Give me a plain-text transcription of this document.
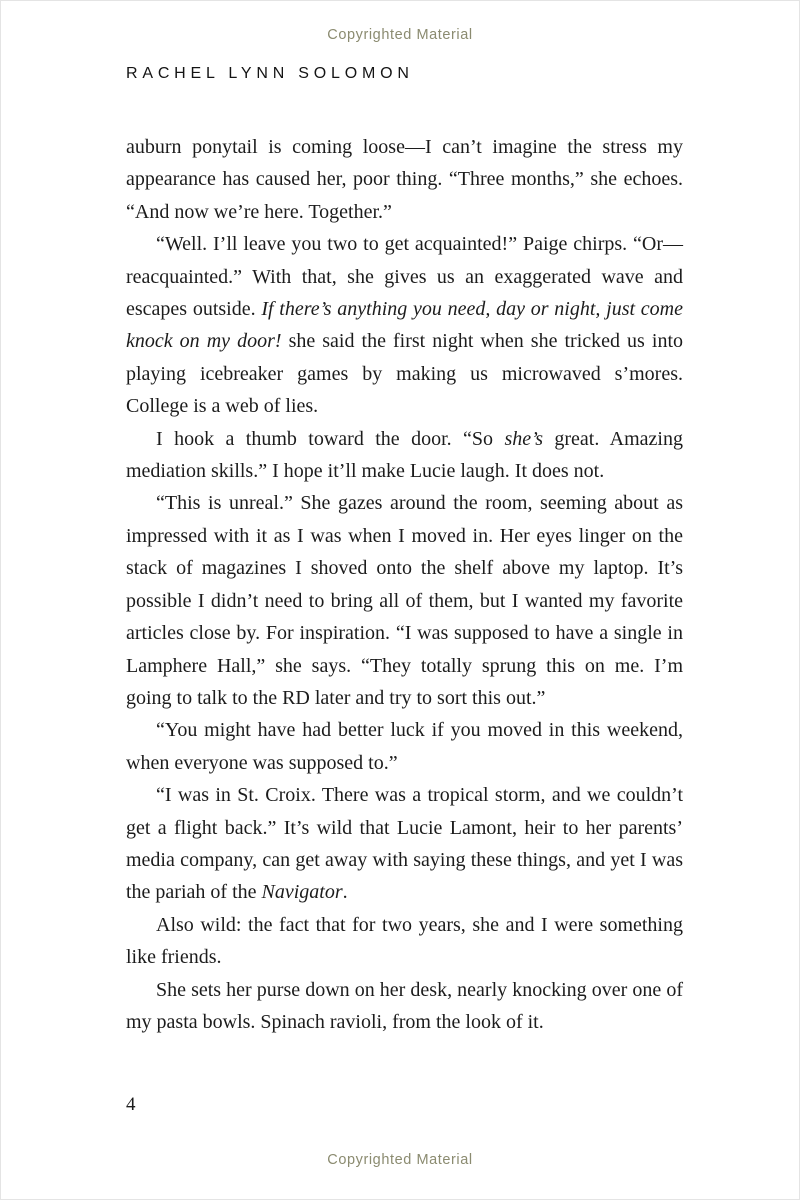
Copyrighted Material
RACHEL LYNN SOLOMON

auburn ponytail is coming loose—I can’t imagine the stress my appearance has caused her, poor thing. “Three months,” she echoes. “And now we’re here. Together.”

“Well. I’ll leave you two to get acquainted!” Paige chirps. “Or—reacquainted.” With that, she gives us an exaggerated wave and escapes outside. If there’s anything you need, day or night, just come knock on my door! she said the first night when she tricked us into playing icebreaker games by making us microwaved s’mores. College is a web of lies.

I hook a thumb toward the door. “So she’s great. Amazing mediation skills.” I hope it’ll make Lucie laugh. It does not.

“This is unreal.” She gazes around the room, seeming about as impressed with it as I was when I moved in. Her eyes linger on the stack of magazines I shoved onto the shelf above my laptop. It’s possible I didn’t need to bring all of them, but I wanted my favorite articles close by. For inspiration. “I was supposed to have a single in Lamphere Hall,” she says. “They totally sprung this on me. I’m going to talk to the RD later and try to sort this out.”

“You might have had better luck if you moved in this weekend, when everyone was supposed to.”

“I was in St. Croix. There was a tropical storm, and we couldn’t get a flight back.” It’s wild that Lucie Lamont, heir to her parents’ media company, can get away with saying these things, and yet I was the pariah of the Navigator.

Also wild: the fact that for two years, she and I were something like friends.

She sets her purse down on her desk, nearly knocking over one of my pasta bowls. Spinach ravioli, from the look of it.

4
Copyrighted Material
